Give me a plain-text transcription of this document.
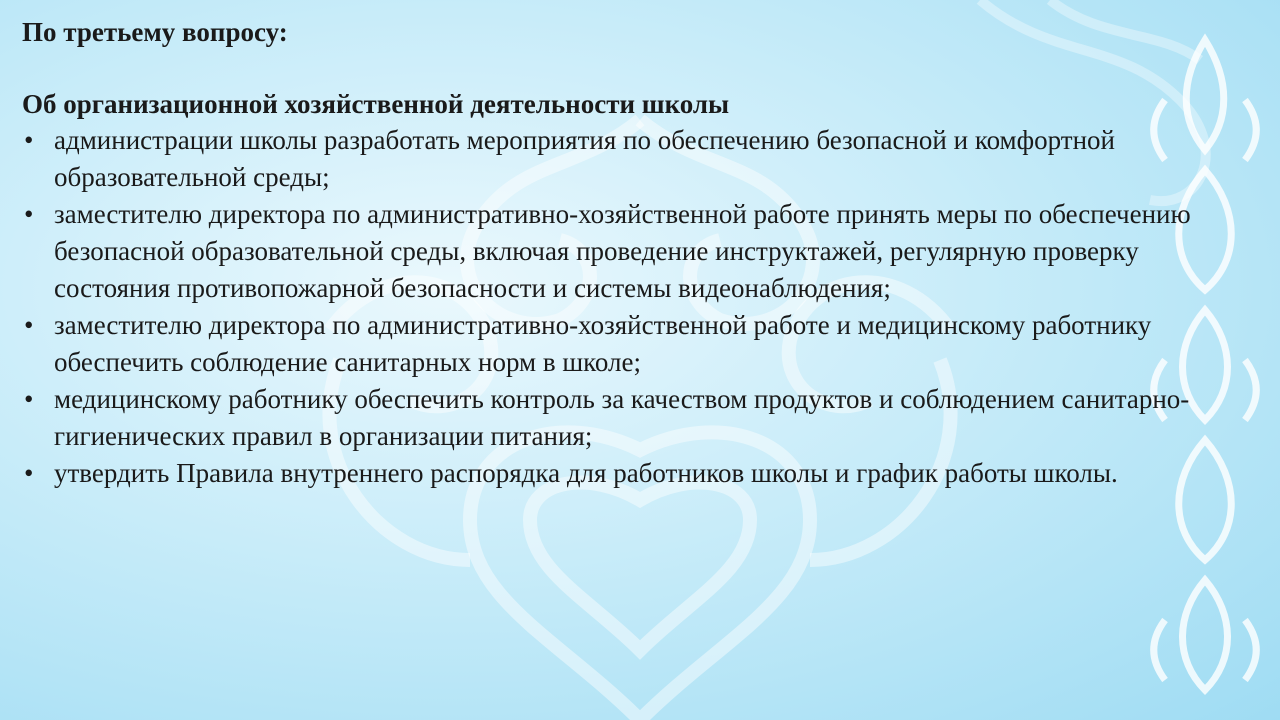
По третьему вопросу:

Об организационной хозяйственной деятельности школы

• администрации школы разработать мероприятия по обеспечению безопасной и комфортной образовательной среды;
• заместителю директора по административно-хозяйственной работе принять меры по обеспечению безопасной образовательной среды, включая проведение инструктажей, регулярную проверку состояния противопожарной безопасности и системы видеонаблюдения;
• заместителю директора по административно-хозяйственной работе и медицинскому работнику обеспечить соблюдение санитарных норм в школе;
• медицинскому работнику обеспечить контроль за качеством продуктов и соблюдением санитарно-гигиенических правил в организации питания;
• утвердить Правила внутреннего распорядка для работников школы и график работы школы.
